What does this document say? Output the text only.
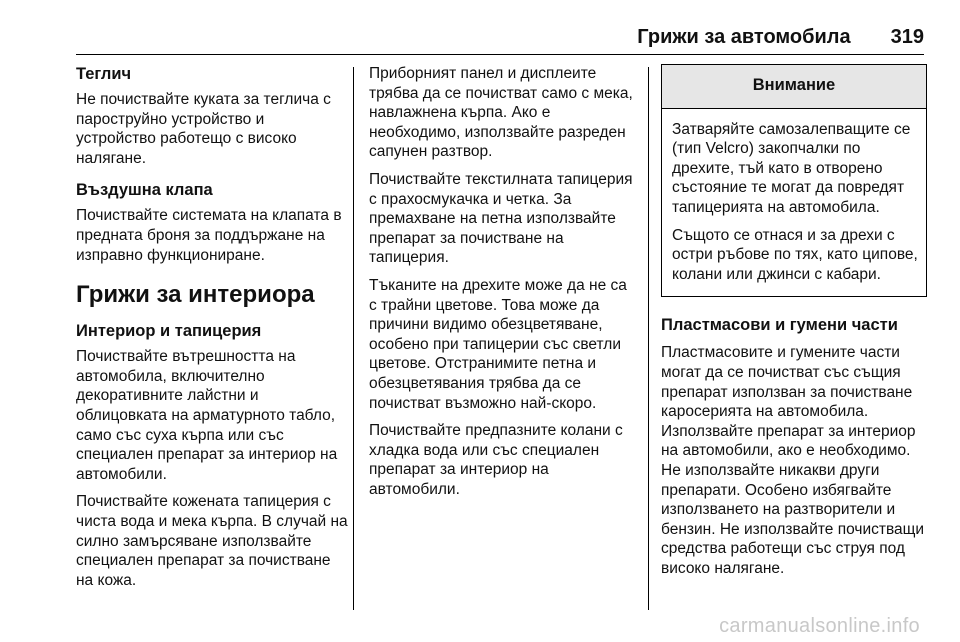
Грижи за автомобила 319
Теглич

Не почиствайте куката за теглича с пароструйно устройство и устройство работещо с високо налягане.

Въздушна клапа

Почиствайте системата на клапата в предната броня за поддържане на изправно функциониране.

Грижи за интериора
Интериор и тапицерия

Почиствайте вътрешността на автомобила, включително декоративните лайстни и облицовката на арматурното табло, само със суха кърпа или със специален препарат за интериор на автомобили.

Почиствайте кожената тапицерия с чиста вода и мека кърпа. В случай на силно замърсяване използвайте специален препарат за почистване на кожа.

Приборният панел и дисплеите трябва да се почистват само с мека, навлажнена кърпа. Ако е необходимо, използвайте разреден сапунен разтвор.

Почиствайте текстилната тапицерия с прахосмукачка и четка. За премахване на петна използвайте препарат за почистване на тапицерия.

Тъканите на дрехите може да не са с трайни цветове. Това може да причини видимо обезцветяване, особено при тапицерии със светли цветове. Отстранимите петна и обезцветявания трябва да се почистват възможно най-скоро.

Почиствайте предпазните колани с хладка вода или със специален препарат за интериор на автомобили.

Внимание

Затваряйте самозалепващите се (тип Velcro) закопчалки по дрехите, тъй като в отворено състояние те могат да повредят тапицерията на автомобила.

Същото се отнася и за дрехи с остри ръбове по тях, като ципове, колани или джинси с кабари.

Пластмасови и гумени части

Пластмасовите и гумените части могат да се почистват със същия препарат използван за почистване каросерията на автомобила. Използвайте препарат за интериор на автомобили, ако е необходимо. Не използвайте никакви други препарати. Особено избягвайте използването на разтворители и бензин. Не използвайте почистващи средства работещи със струя под високо налягане.

carmanualsonline.info
